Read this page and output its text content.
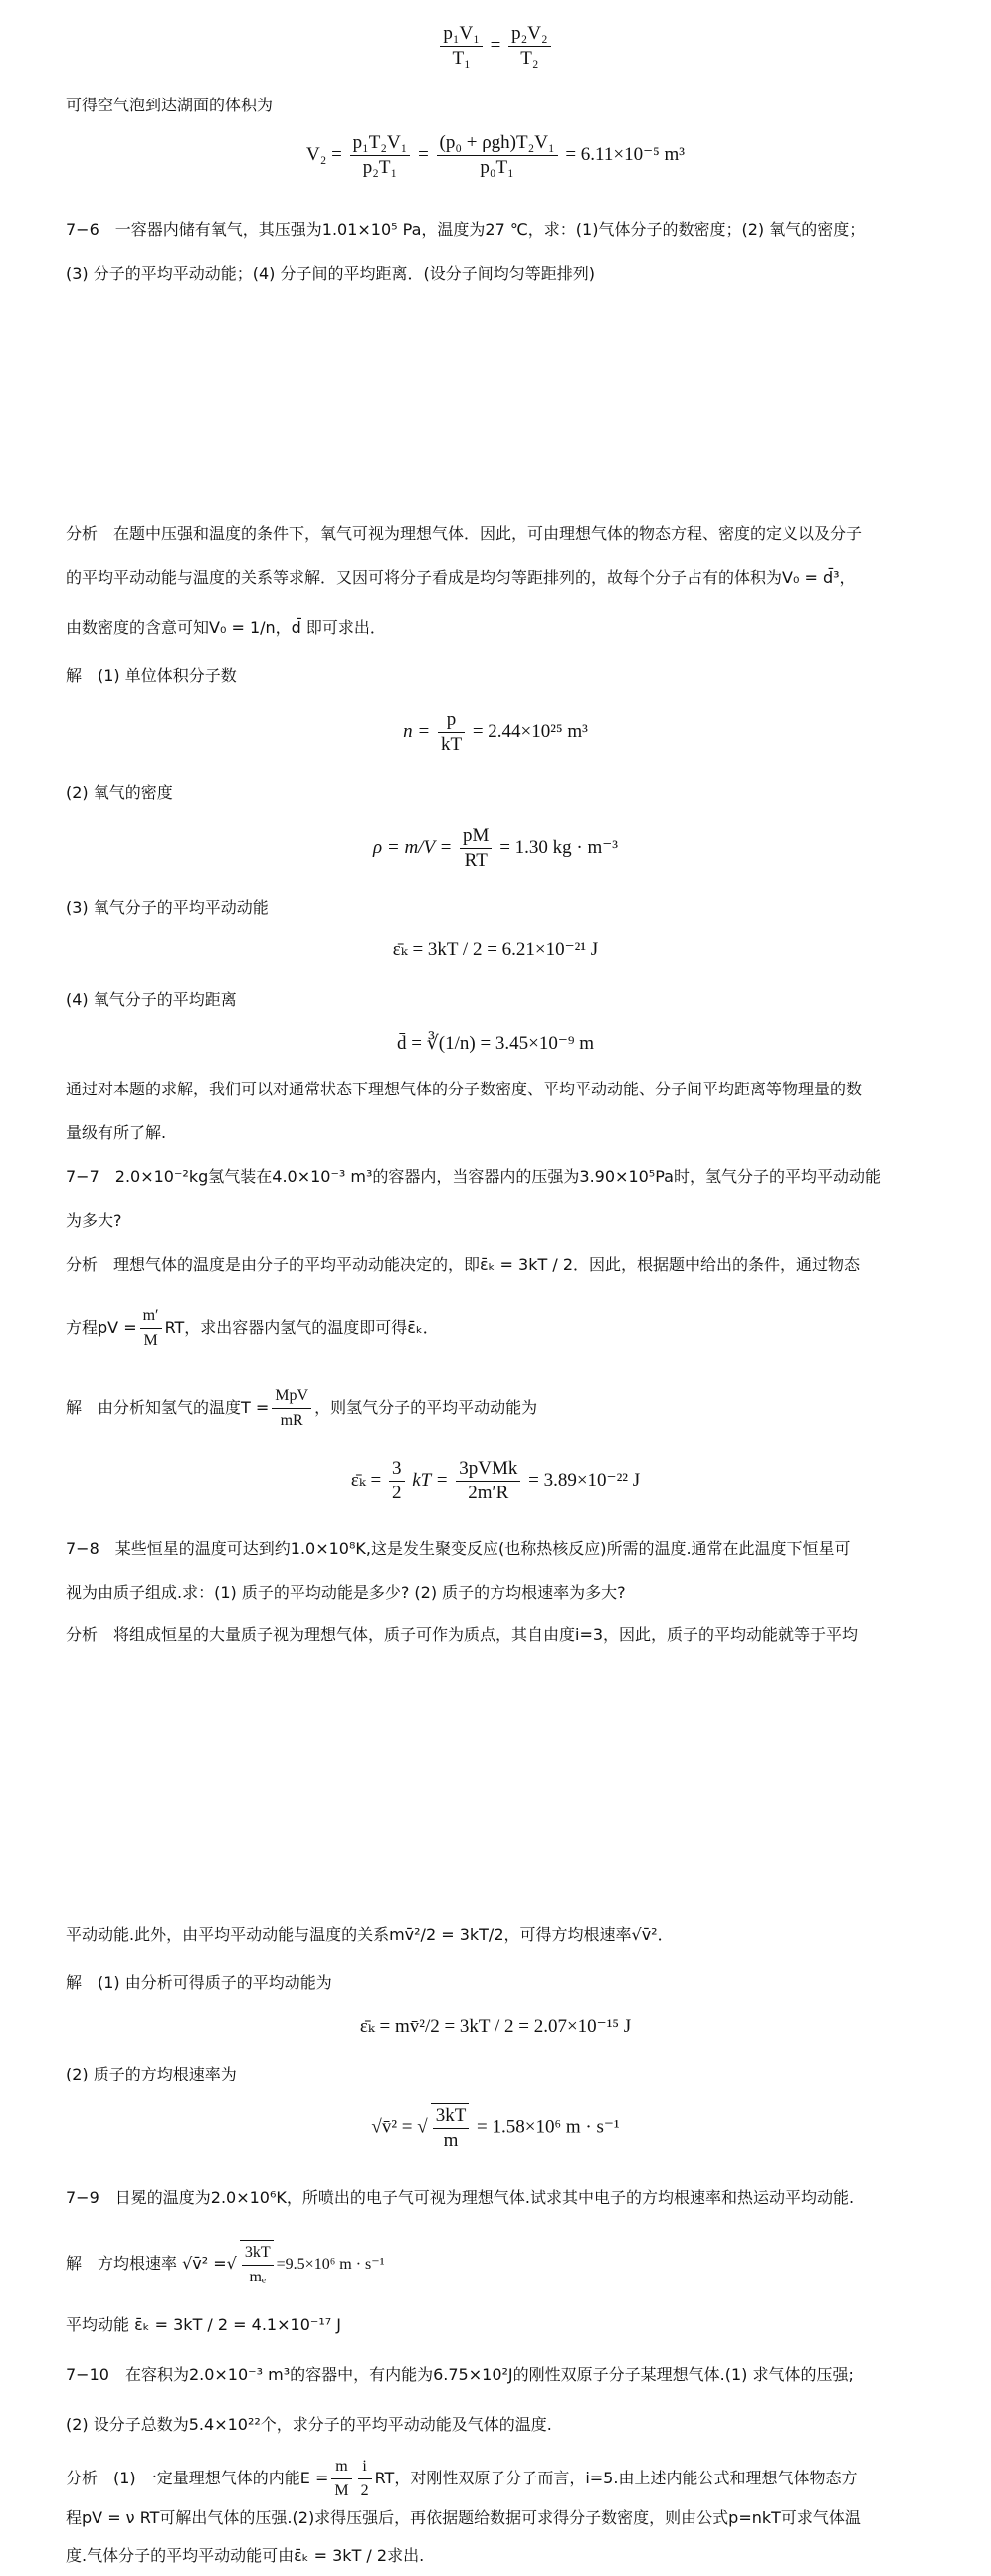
$\frac{\text{p₁V₁}}{\text{T₁}} = \frac{\text{p₂V₂}}{\text{T₂}}$
可得空气泡到达湖面的体积为
$V_2 = \frac{\text{p₁T₂V₁}}{\text{p₂T₁}}$ =
(p₀ + ρgh)T₂V₁
p₀T₁
= 6.11×10⁻⁵ m³
7−6　一容器内储有氧气，其压强为1.01×10⁵ Pa，温度为27 ℃，求：(1)气体分子的数密度；(2) 氧气的密度；
(3) 分子的平均平动动能；(4) 分子间的平均距离．(设分子间均匀等距排列)
分析　在题中压强和温度的条件下，氧气可视为理想气体．因此，可由理想气体的物态方程、密度的定义以及分子
的平均平动动能与温度的关系等求解．又因可将分子看成是均匀等距排列的，故每个分子占有的体积为V₀ = d̄³，
由数密度的含意可知V₀ = 1/n，d̄ 即可求出．
解　(1) 单位体积分子数
$n = \frac{p}{kT} = 2.44\times 10^{25}$ m³
(2) 氧气的密度
$\rho = m/V = \frac{pM}{RT} = 1.30$ kg · m⁻³
(3) 氧气分子的平均平动动能
ε̄ₖ = 3kT / 2 = 6.21×10⁻²¹ J
(4) 氧气分子的平均距离
d̄ = ∛(1/n) = 3.45×10⁻⁹ m
通过对本题的求解，我们可以对通常状态下理想气体的分子数密度、平均平动动能、分子间平均距离等物理量的数
量级有所了解.
7−7　2.0×10⁻²kg氢气装在4.0×10⁻³ m³的容器内，当容器内的压强为3.90×10⁵Pa时，氢气分子的平均平动动能
为多大?
分析　理想气体的温度是由分子的平均平动动能决定的，即ε̄ₖ = 3kT / 2．因此，根据题中给出的条件，通过物态
方程pV = $\frac{m'}{M}$ RT，求出容器内氢气的温度即可得ε̄ₖ．
解　由分析知氢气的温度T =
MpV
mR
，则氢气分子的平均平动动能为
ε̄ₖ = $\frac{3}{2}$ kT =
3pVMk
2m′R
= 3.89×10⁻²² J
7−8　某些恒星的温度可达到约1.0×10⁸K,这是发生聚变反应(也称热核反应)所需的温度.通常在此温度下恒星可
视为由质子组成.求：(1) 质子的平均动能是多少? (2) 质子的方均根速率为多大?
分析　将组成恒星的大量质子视为理想气体，质子可作为质点，其自由度i=3，因此，质子的平均动能就等于平均
平动动能.此外，由平均平动动能与温度的关系mv̄²/2 = 3kT/2，可得方均根速率√v̄²．
解　(1) 由分析可得质子的平均动能为
ε̄ₖ = mv̄²/2 = 3kT / 2 = 2.07×10⁻¹⁵ J
(2) 质子的方均根速率为
√v̄² = √ $\frac{3kT}{m} = 1.58\times 10^6$ m · s⁻¹
7−9　日冕的温度为2.0×10⁶K，所喷出的电子气可视为理想气体.试求其中电子的方均根速率和热运动平均动能.
解　方均根速率 √v̄² =√ $\frac{3kT}{\text{mₑ}} =9.5\times 10^6$ m · s⁻¹
平均动能 ε̄ₖ = 3kT / 2 = 4.1×10⁻¹⁷ J
7−10　在容积为2.0×10⁻³ m³的容器中，有内能为6.75×10²J的刚性双原子分子某理想气体.(1) 求气体的压强;
(2) 设分子总数为5.4×10²²个，求分子的平均平动动能及气体的温度.
分析　(1) 一定量理想气体的内能$E = \frac{m}{M} \frac{i}{2}$ RT，对刚性双原子分子而言，i=5.由上述内能公式和理想气体物态方
程pV = ν RT可解出气体的压强.(2)求得压强后，再依据题给数据可求得分子数密度，则由公式p=nkT可求气体温
度.气体分子的平均平动动能可由ε̄ₖ = 3kT / 2求出.
